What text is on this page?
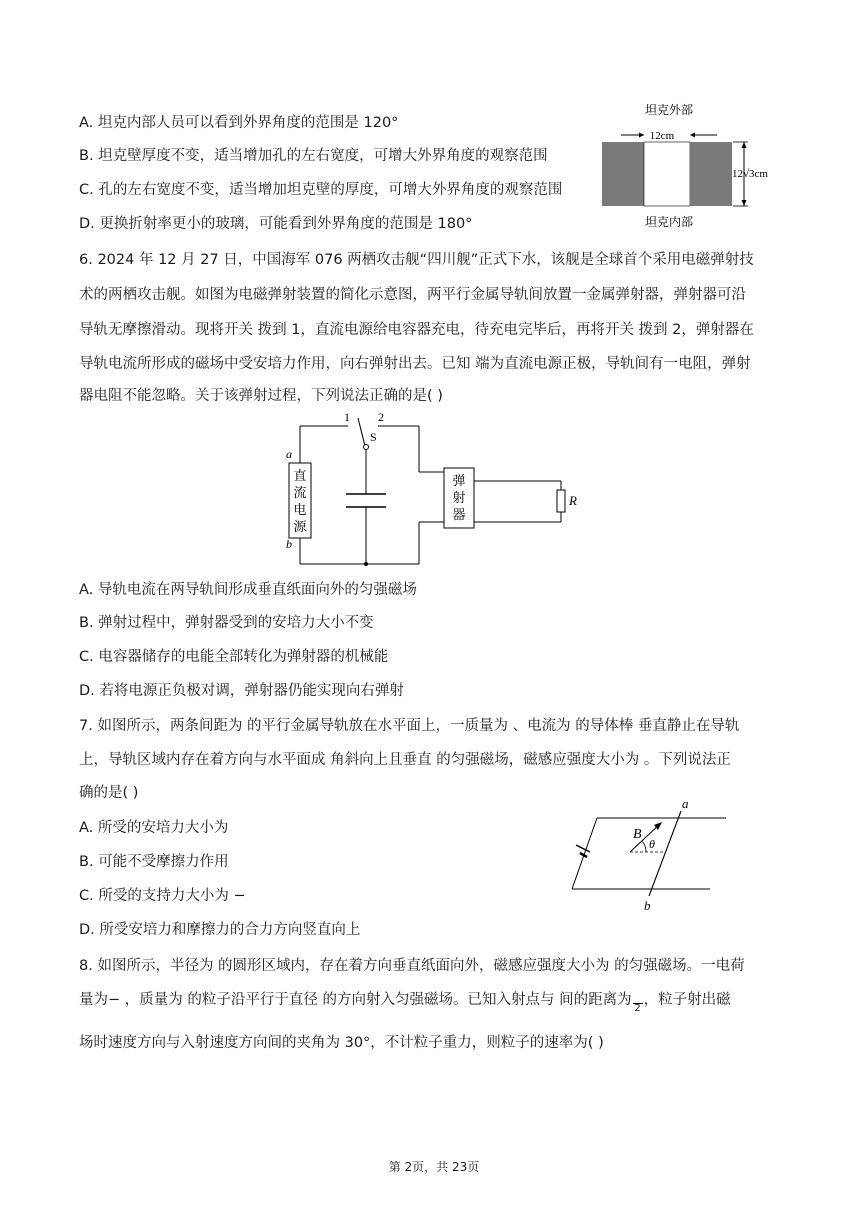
A. 坦克内部人员可以看到外界角度的范围是 120°
B. 坦克壁厚度不变，适当增加孔的左右宽度，可增大外界角度的观察范围
C. 孔的左右宽度不变，适当增加坦克壁的厚度，可增大外界角度的观察范围
D. 更换折射率更小的玻璃，可能看到外界角度的范围是 180°
坦克外部
12cm
12√3cm
坦克内部
6. 2024 年 12 月 27 日，中国海军 076 两栖攻击舰“四川舰”正式下水，该舰是全球首个采用电磁弹射技
术的两栖攻击舰。如图为电磁弹射装置的简化示意图，两平行金属导轨间放置一金属弹射器，弹射器可沿
导轨无摩擦滑动。现将开关 拨到 1，直流电源给电容器充电，待充电完毕后，再将开关 拨到 2，弹射器在
导轨电流所形成的磁场中受安培力作用，向右弹射出去。已知 端为直流电源正极，导轨间有一电阻，弹射
器电阻不能忽略。关于该弹射过程，下列说法正确的是( )
1 2
S
a
直
流
电
源
b
弹
射
器
R
A. 导轨电流在两导轨间形成垂直纸面向外的匀强磁场
B. 弹射过程中，弹射器受到的安培力大小不变
C. 电容器储存的电能全部转化为弹射器的机械能
D. 若将电源正负极对调，弹射器仍能实现向右弹射
7. 如图所示，两条间距为 的平行金属导轨放在水平面上，一质量为 、电流为 的导体棒 垂直静止在导轨
上，导轨区域内存在着方向与水平面成 角斜向上且垂直 的匀强磁场，磁感应强度大小为 。下列说法正
确的是( )
A. 所受的安培力大小为
B. 可能不受摩擦力作用
C. 所受的支持力大小为 −
D. 所受安培力和摩擦力的合力方向竖直向上
a
b
B
θ
8. 如图所示，半径为 的圆形区域内，存在着方向垂直纸面向外，磁感应强度大小为 的匀强磁场。一电荷
量为− ，质量为 的粒子沿平行于直径 的方向射入匀强磁场。已知入射点与 间的距离为
2
，粒子射出磁
场时速度方向与入射速度方向间的夹角为 30°，不计粒子重力，则粒子的速率为( )
第 2页，共 23页
